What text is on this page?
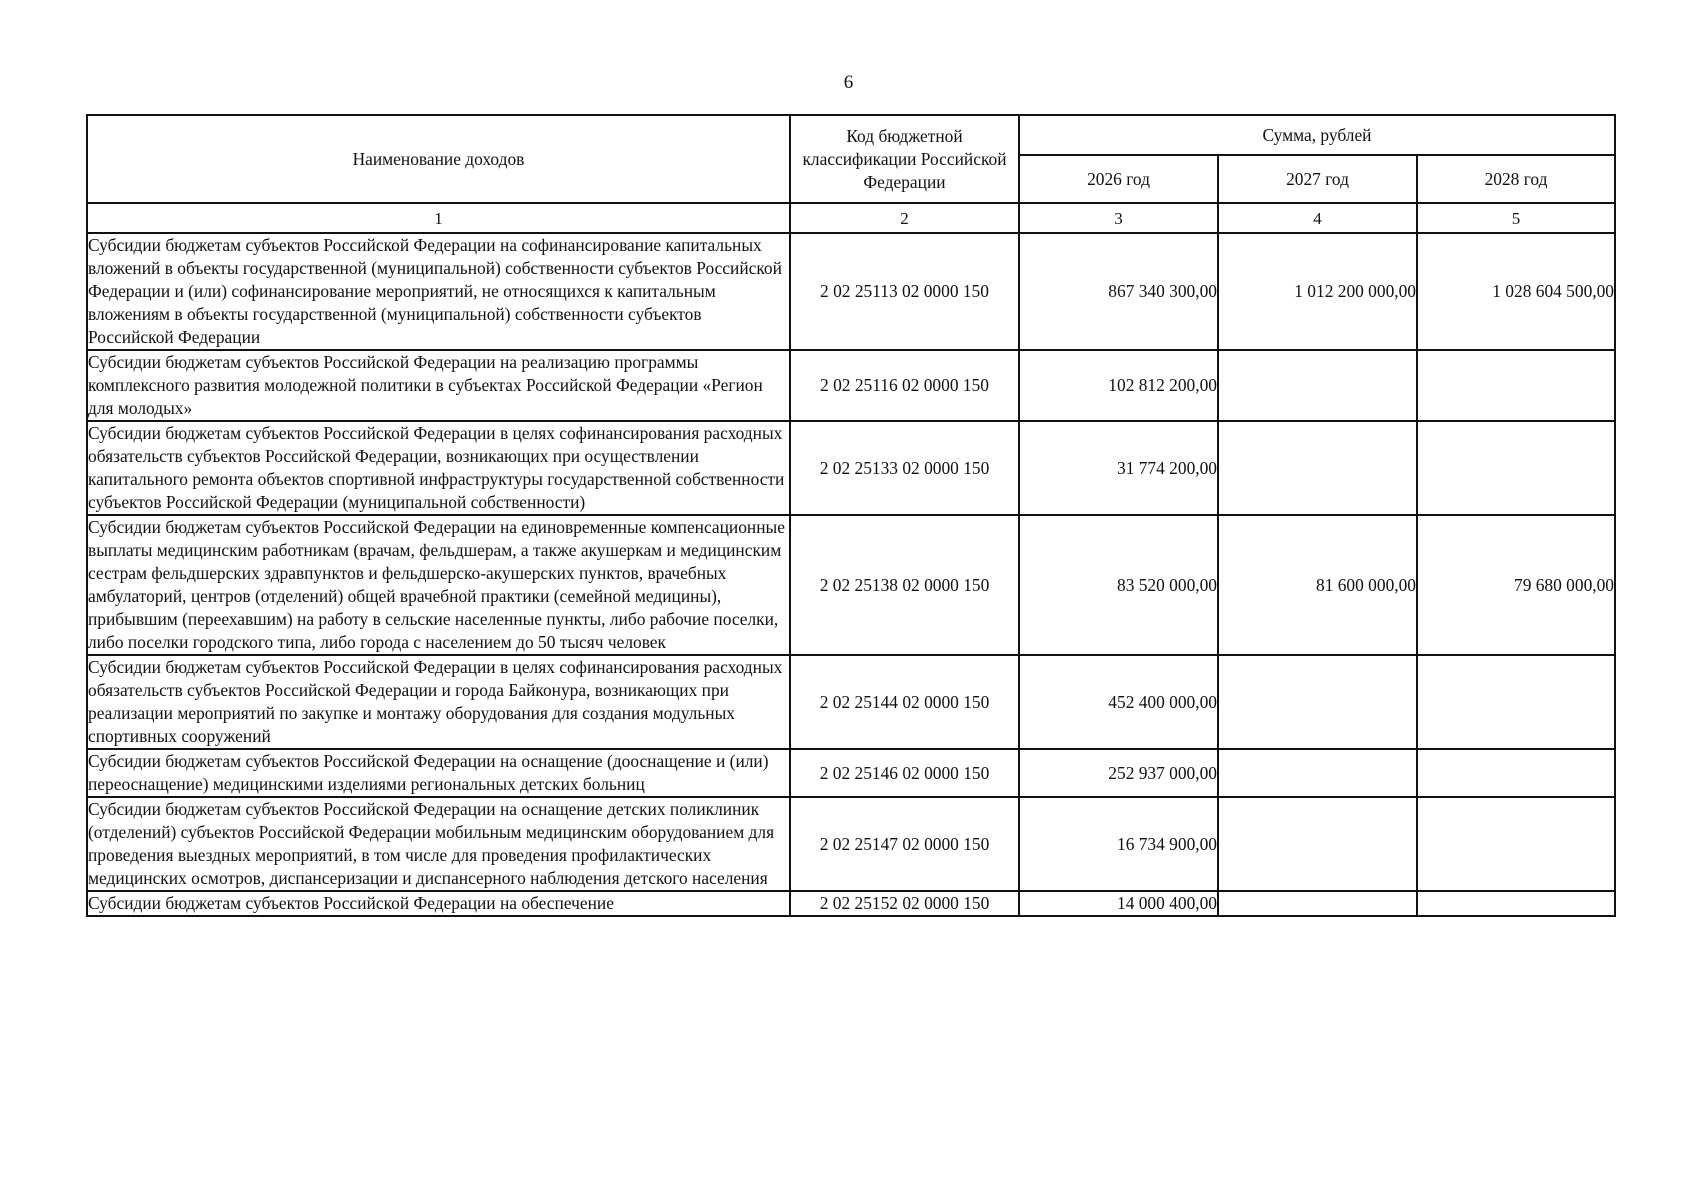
6
Наименование доходов	Код бюджетной классификации Российской Федерации	Сумма, рублей		
		2026 год	2027 год	2028 год
1	2	3	4	5
Субсидии бюджетам субъектов Российской Федерации на софинансирование капитальных вложений в объекты государственной (муниципальной) собственности субъектов Российской Федерации и (или) софинансирование мероприятий, не относящихся к капитальным вложениям в объекты государственной (муниципальной) собственности субъектов Российской Федерации	2 02 25113 02 0000 150	867 340 300,00	1 012 200 000,00	1 028 604 500,00
Субсидии бюджетам субъектов Российской Федерации на реализацию программы комплексного развития молодежной политики в субъектах Российской Федерации «Регион для молодых»	2 02 25116 02 0000 150	102 812 200,00		
Субсидии бюджетам субъектов Российской Федерации в целях софинансирования расходных обязательств субъектов Российской Федерации, возникающих при осуществлении капитального ремонта объектов спортивной инфраструктуры государственной собственности субъектов Российской Федерации (муниципальной собственности)	2 02 25133 02 0000 150	31 774 200,00		
Субсидии бюджетам субъектов Российской Федерации на единовременные компенсационные выплаты медицинским работникам (врачам, фельдшерам, а также акушеркам и медицинским сестрам фельдшерских здравпунктов и фельдшерско-акушерских пунктов, врачебных амбулаторий, центров (отделений) общей врачебной практики (семейной медицины), прибывшим (переехавшим) на работу в сельские населенные пункты, либо рабочие поселки, либо поселки городского типа, либо города с населением до 50 тысяч человек	2 02 25138 02 0000 150	83 520 000,00	81 600 000,00	79 680 000,00
Субсидии бюджетам субъектов Российской Федерации в целях софинансирования расходных обязательств субъектов Российской Федерации и города Байконура, возникающих при реализации мероприятий по закупке и монтажу оборудования для создания модульных спортивных сооружений	2 02 25144 02 0000 150	452 400 000,00		
Субсидии бюджетам субъектов Российской Федерации на оснащение (дооснащение и (или) переоснащение) медицинскими изделиями региональных детских больниц	2 02 25146 02 0000 150	252 937 000,00		
Субсидии бюджетам субъектов Российской Федерации на оснащение детских поликлиник (отделений) субъектов Российской Федерации мобильным медицинским оборудованием для проведения выездных мероприятий, в том числе для проведения профилактических медицинских осмотров, диспансеризации и диспансерного наблюдения детского населения	2 02 25147 02 0000 150	16 734 900,00		
Субсидии бюджетам субъектов Российской Федерации на обеспечение	2 02 25152 02 0000 150	14 000 400,00		
